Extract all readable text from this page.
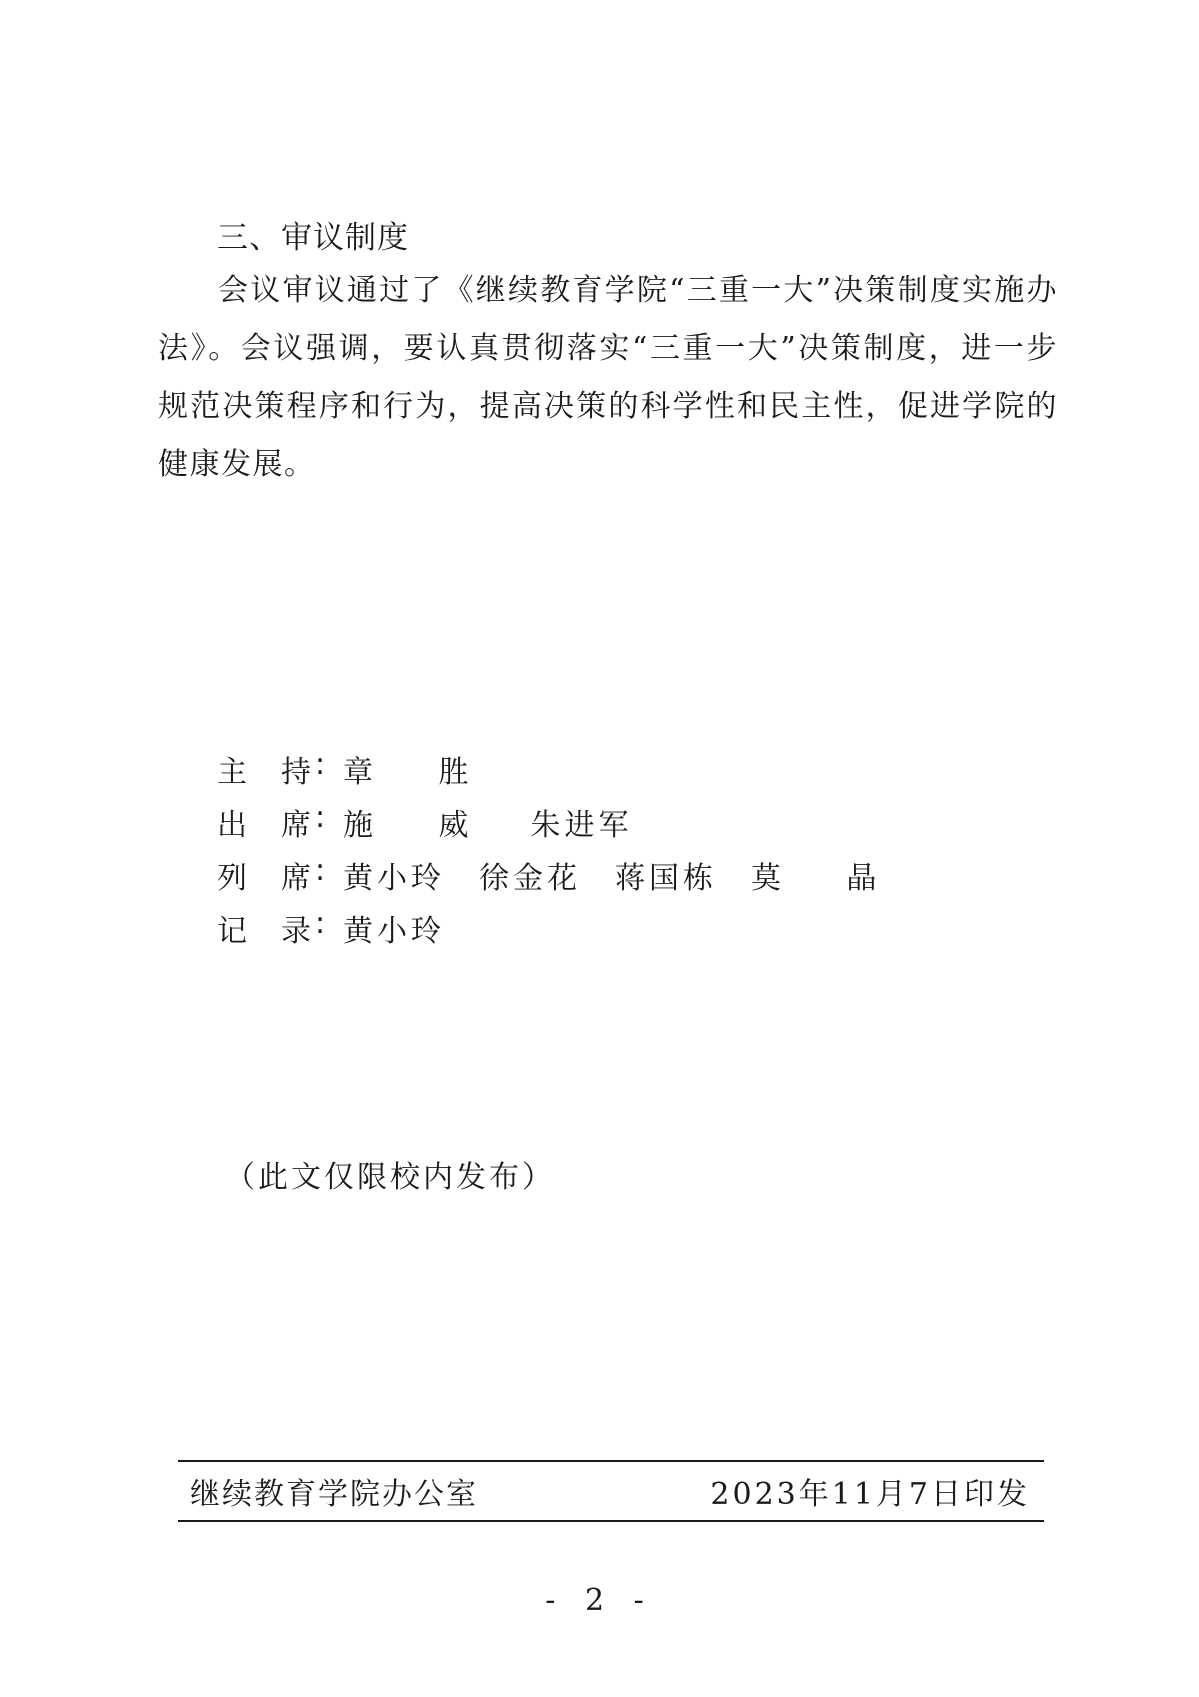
三、审议制度

会议审议通过了《继续教育学院“三重一大”决策制度实施办法》。会议强调，要认真贯彻落实“三重一大”决策制度，进一步规范决策程序和行为，提高决策的科学性和民主性，促进学院的健康发展。

主	持 : 章 胜
出	席 : 施 威 朱进军
列	席 : 黄小玲 徐金花 蒋国栋 莫 晶
记	录 : 黄小玲
（此文仅限校内发布）
继续教育学院办公室	2023年11月7日印发
- 2 -
